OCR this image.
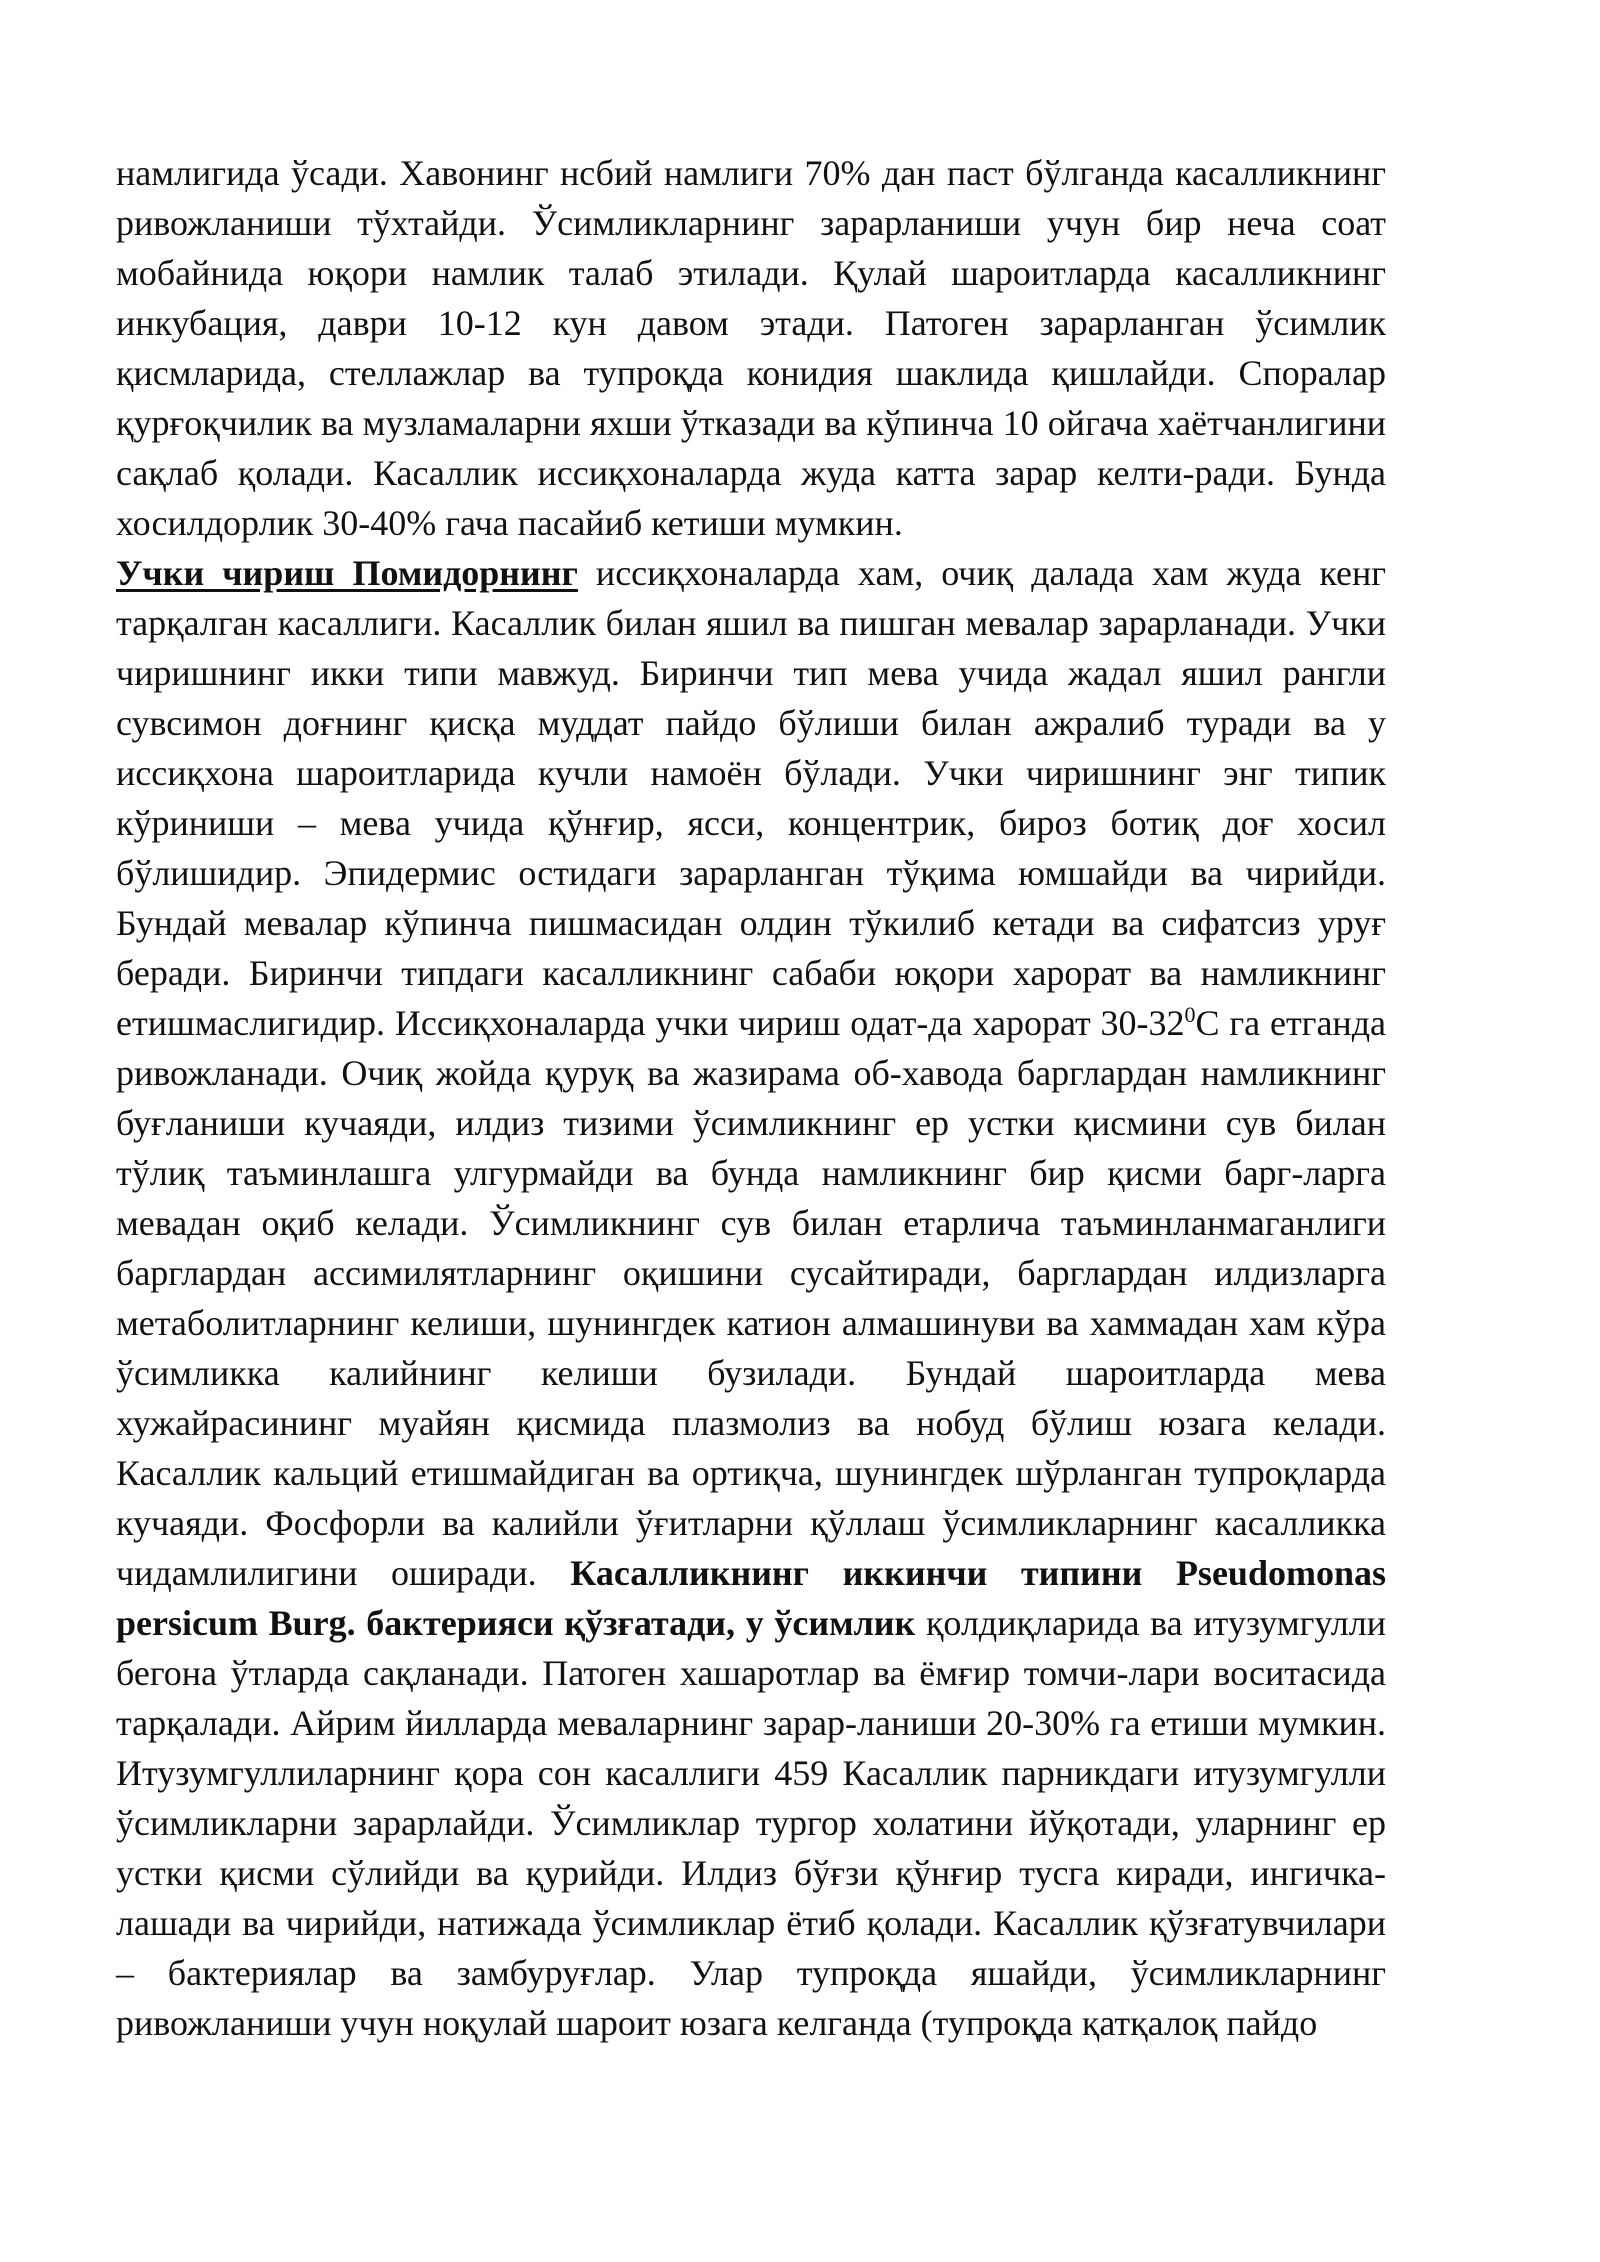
намлигида ўсади. Хавонинг нсбий намлиги 70% дан паст бўлганда касалликнинг ривожланиши тўхтайди. Ўсимликларнинг зарарланиши учун бир неча соат мобайнида юқори намлик талаб этилади. Қулай шароитларда касалликнинг инкубация, даври 10-12 кун давом этади. Патоген зарарланган ўсимлик қисмларида, стеллажлар ва тупроқда конидия шаклида қишлайди. Споралар қурғоқчилик ва музламаларни яхши ўтказади ва кўпинча 10 ойгача хаётчанлигини сақлаб қолади. Касаллик иссиқхоналарда жуда катта зарар келти-ради. Бунда хосилдорлик 30-40% гача пасайиб кетиши мумкин.

Учки чириш Помидорнинг иссиқхоналарда хам, очиқ далада хам жуда кенг тарқалган касаллиги. Касаллик билан яшил ва пишган мевалар зарарланади. Учки чиришнинг икки типи мавжуд. Биринчи тип мева учида жадал яшил рангли сувсимон доғнинг қисқа муддат пайдо бўлиши билан ажралиб туради ва у иссиқхона шароитларида кучли намоён бўлади. Учки чиришнинг энг типик кўриниши – мева учида қўнғир, ясси, концентрик, бироз ботиқ доғ хосил бўлишидир. Эпидермис остидаги зарарланган тўқима юмшайди ва чирийди. Бундай мевалар кўпинча пишмасидан олдин тўкилиб кетади ва сифатсиз уруғ беради. Биринчи типдаги касалликнинг сабаби юқори харорат ва намликнинг етишмаслигидир. Иссиқхоналарда учки чириш одат-да харорат $30-32^0С$ га етганда ривожланади. Очиқ жойда қуруқ ва жазирама об-хавода барглардан намликнинг буғланиши кучаяди, илдиз тизими ўсимликнинг ер устки қисмини сув билан тўлиқ таъминлашга улгурмайди ва бунда намликнинг бир қисми барг-ларга мевадан оқиб келади. Ўсимликнинг сув билан етарлича таъминланмаганлиги барглардан ассимилятларнинг оқишини сусайтиради, барглардан илдизларга метаболитларнинг келиши, шунингдек катион алмашинуви ва хаммадан хам кўра ўсимликка калийнинг келиши бузилади. Бундай шароитларда мева хужайрасининг муайян қисмида плазмолиз ва нобуд бўлиш юзага келади. Касаллик кальций етишмайдиган ва ортиқча, шунингдек шўрланган тупроқларда кучаяди. Фосфорли ва калийли ўғитларни қўллаш ўсимликларнинг касалликка чидамлилигини оширади. Касалликнинг иккинчи типини Pseudomonas persicum Burg. бактерияси қўзғатади, у ўсимлик қолдиқларида ва итузумгулли бегона ўтларда сақланади. Патоген хашаротлар ва ёмғир томчи-лари воситасида тарқалади. Айрим йилларда меваларнинг зарар-ланиши 20-30% га етиши мумкин. Итузумгуллиларнинг қора сон касаллиги 459 Касаллик парникдаги итузумгулли ўсимликларни зарарлайди. Ўсимликлар тургор холатини йўқотади, уларнинг ер устки қисми сўлийди ва қурийди. Илдиз бўғзи қўнғир тусга киради, ингичка-лашади ва чирийди, натижада ўсимликлар ётиб қолади. Касаллик қўзғатувчилари – бактериялар ва замбуруғлар. Улар тупроқда яшайди, ўсимликларнинг ривожланиши учун ноқулай шароит юзага келганда (тупроқда қатқалоқ пайдо
